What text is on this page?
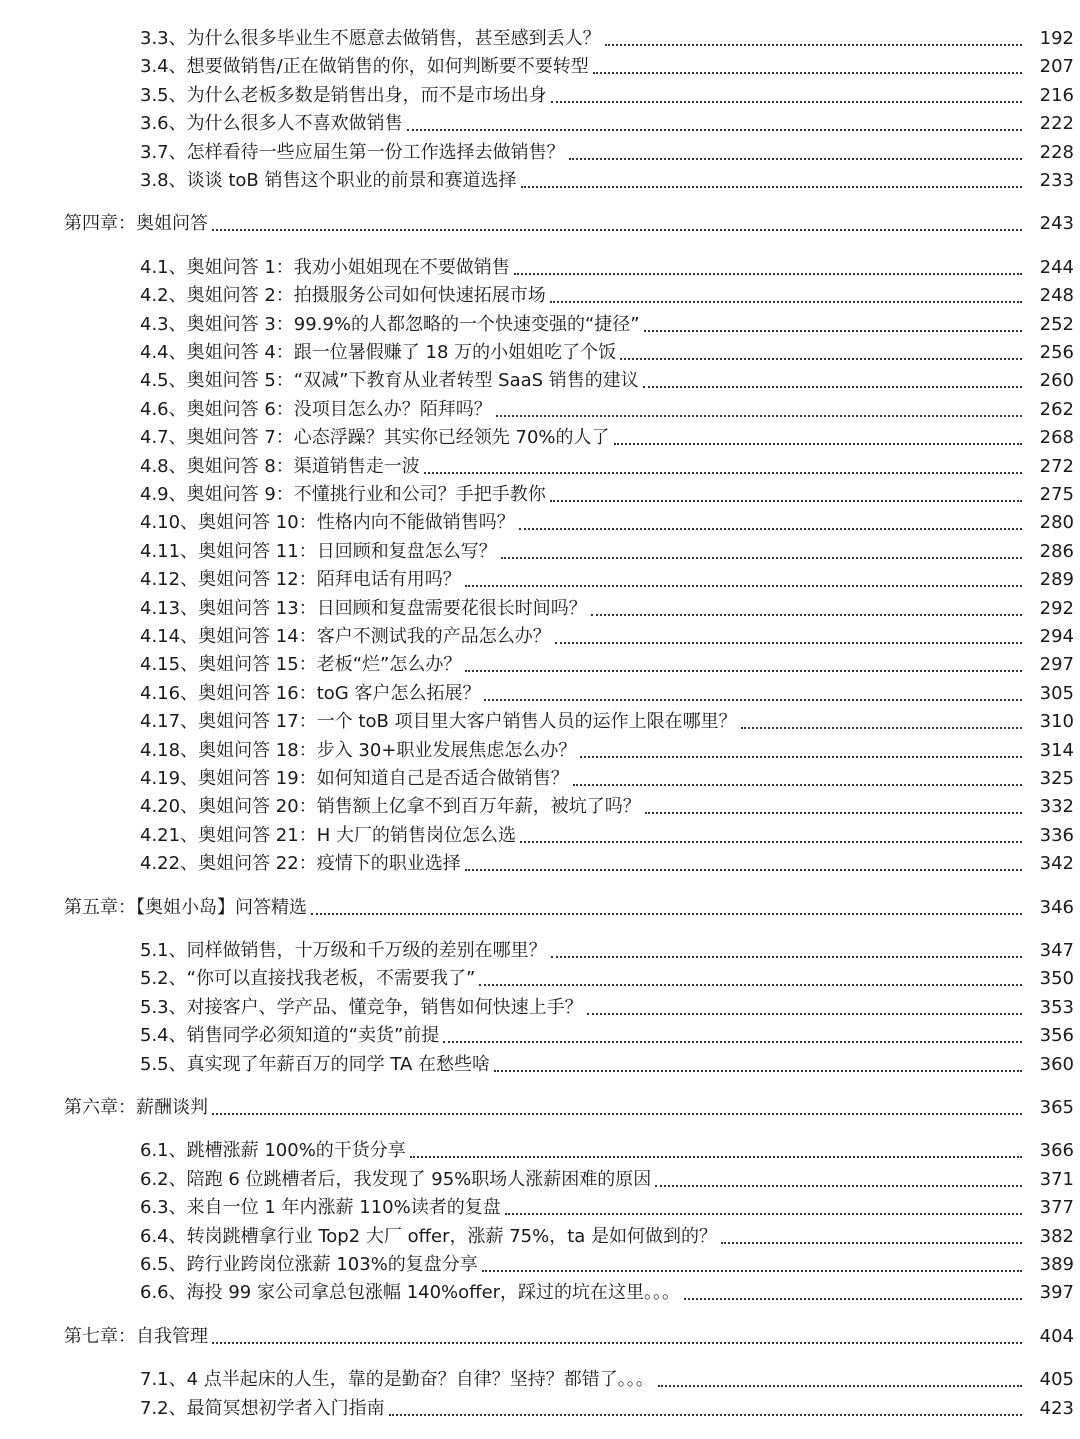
3.3、为什么很多毕业生不愿意去做销售，甚至感到丢人？	192
3.4、想要做销售/正在做销售的你，如何判断要不要转型	207
3.5、为什么老板多数是销售出身，而不是市场出身	216
3.6、为什么很多人不喜欢做销售	222
3.7、怎样看待一些应届生第一份工作选择去做销售？	228
3.8、谈谈 toB 销售这个职业的前景和赛道选择	233
第四章：奥姐问答	243
4.1、奥姐问答 1：我劝小姐姐现在不要做销售	244
4.2、奥姐问答 2：拍摄服务公司如何快速拓展市场	248
4.3、奥姐问答 3：99.9%的人都忽略的一个快速变强的“捷径”	252
4.4、奥姐问答 4：跟一位暑假赚了 18 万的小姐姐吃了个饭	256
4.5、奥姐问答 5：“双减”下教育从业者转型 SaaS 销售的建议	260
4.6、奥姐问答 6：没项目怎么办？陌拜吗？	262
4.7、奥姐问答 7：心态浮躁？其实你已经领先 70%的人了	268
4.8、奥姐问答 8：渠道销售走一波	272
4.9、奥姐问答 9：不懂挑行业和公司？手把手教你	275
4.10、奥姐问答 10：性格内向不能做销售吗？	280
4.11、奥姐问答 11：日回顾和复盘怎么写？	286
4.12、奥姐问答 12：陌拜电话有用吗？	289
4.13、奥姐问答 13：日回顾和复盘需要花很长时间吗？	292
4.14、奥姐问答 14：客户不测试我的产品怎么办？	294
4.15、奥姐问答 15：老板“烂”怎么办？	297
4.16、奥姐问答 16：toG 客户怎么拓展？	305
4.17、奥姐问答 17：一个 toB 项目里大客户销售人员的运作上限在哪里？	310
4.18、奥姐问答 18：步入 30+职业发展焦虑怎么办？	314
4.19、奥姐问答 19：如何知道自己是否适合做销售？	325
4.20、奥姐问答 20：销售额上亿拿不到百万年薪，被坑了吗？	332
4.21、奥姐问答 21：H 大厂的销售岗位怎么选	336
4.22、奥姐问答 22：疫情下的职业选择	342
第五章：【奥姐小岛】问答精选	346
5.1、同样做销售，十万级和千万级的差别在哪里？	347
5.2、“你可以直接找我老板，不需要我了”	350
5.3、对接客户、学产品、懂竞争，销售如何快速上手？	353
5.4、销售同学必须知道的“卖货”前提	356
5.5、真实现了年薪百万的同学 TA 在愁些啥	360
第六章：薪酬谈判	365
6.1、跳槽涨薪 100%的干货分享	366
6.2、陪跑 6 位跳槽者后，我发现了 95%职场人涨薪困难的原因	371
6.3、来自一位 1 年内涨薪 110%读者的复盘	377
6.4、转岗跳槽拿行业 Top2 大厂 offer，涨薪 75%，ta 是如何做到的？	382
6.5、跨行业跨岗位涨薪 103%的复盘分享	389
6.6、海投 99 家公司拿总包涨幅 140%offer，踩过的坑在这里。。。	397
第七章：自我管理	404
7.1、4 点半起床的人生，靠的是勤奋？自律？坚持？都错了。。。	405
7.2、最简冥想初学者入门指南	423
